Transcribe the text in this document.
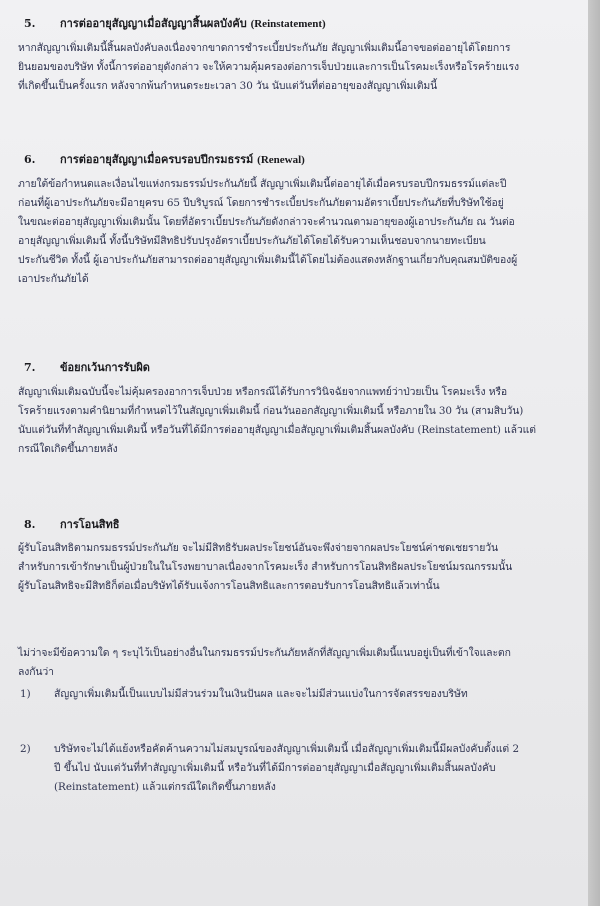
5.	การต่ออายุสัญญาเมื่อสัญญาสิ้นผลบังคับ
(Reinstatement)
หากสัญญาเพิ่มเติมนี้สิ้นผลบังคับลงเนื่องจากขาดการชำระเบี้ยประกันภัย สัญญาเพิ่มเติมนี้อาจขอต่ออายุได้โดยการ
ยินยอมของบริษัท ทั้งนี้การต่ออายุดังกล่าว จะให้ความคุ้มครองต่อการเจ็บป่วยและการเป็นโรคมะเร็งหรือโรคร้ายแรง
ที่เกิดขึ้นเป็นครั้งแรก หลังจากพ้นกำหนดระยะเวลา 30 วัน นับแต่วันที่ต่ออายุของสัญญาเพิ่มเติมนี้
6.	การต่ออายุสัญญาเมื่อครบรอบปีกรมธรรม์
(Renewal)
ภายใต้ข้อกำหนดและเงื่อนไขแห่งกรมธรรม์ประกันภัยนี้ สัญญาเพิ่มเติมนี้ต่ออายุได้เมื่อครบรอบปีกรมธรรม์แต่ละปี
ก่อนที่ผู้เอาประกันภัยจะมีอายุครบ 65 ปีบริบูรณ์ โดยการชำระเบี้ยประกันภัยตามอัตราเบี้ยประกันภัยที่บริษัทใช้อยู่
ในขณะต่ออายุสัญญาเพิ่มเติมนั้น โดยที่อัตราเบี้ยประกันภัยดังกล่าวจะคำนวณตามอายุของผู้เอาประกันภัย ณ วันต่อ
อายุสัญญาเพิ่มเติมนี้ ทั้งนี้บริษัทมีสิทธิปรับปรุงอัตราเบี้ยประกันภัยได้โดยได้รับความเห็นชอบจากนายทะเบียน
ประกันชีวิต ทั้งนี้ ผู้เอาประกันภัยสามารถต่ออายุสัญญาเพิ่มเติมนี้ได้โดยไม่ต้องแสดงหลักฐานเกี่ยวกับคุณสมบัติของผู้
เอาประกันภัยได้
7.	ข้อยกเว้นการรับผิด
สัญญาเพิ่มเติมฉบับนี้จะไม่คุ้มครองอาการเจ็บป่วย หรือกรณีได้รับการวินิจฉัยจากแพทย์ว่าป่วยเป็น โรคมะเร็ง หรือ
โรคร้ายแรงตามคำนิยามที่กำหนดไว้ในสัญญาเพิ่มเติมนี้ ก่อนวันออกสัญญาเพิ่มเติมนี้ หรือภายใน 30 วัน (สามสิบวัน)
นับแต่วันที่ทำสัญญาเพิ่มเติมนี้ หรือวันที่ได้มีการต่ออายุสัญญาเมื่อสัญญาเพิ่มเติมสิ้นผลบังคับ (Reinstatement) แล้วแต่
กรณีใดเกิดขึ้นภายหลัง
8.	การโอนสิทธิ
ผู้รับโอนสิทธิตามกรมธรรม์ประกันภัย จะไม่มีสิทธิรับผลประโยชน์อันจะพึงจ่ายจากผลประโยชน์ค่าชดเชยรายวัน
สำหรับการเข้ารักษาเป็นผู้ป่วยในในโรงพยาบาลเนื่องจากโรคมะเร็ง สำหรับการโอนสิทธิผลประโยชน์มรณกรรมนั้น
ผู้รับโอนสิทธิจะมีสิทธิก็ต่อเมื่อบริษัทได้รับแจ้งการโอนสิทธิและการตอบรับการโอนสิทธิแล้วเท่านั้น
ไม่ว่าจะมีข้อความใด ๆ ระบุไว้เป็นอย่างอื่นในกรมธรรม์ประกันภัยหลักที่สัญญาเพิ่มเติมนี้แนบอยู่เป็นที่เข้าใจและตก
ลงกันว่า
1)	สัญญาเพิ่มเติมนี้เป็นแบบไม่มีส่วนร่วมในเงินปันผล และจะไม่มีส่วนแบ่งในการจัดสรรของบริษัท
2)	บริษัทจะไม่ได้แย้งหรือคัดค้านความไม่สมบูรณ์ของสัญญาเพิ่มเติมนี้ เมื่อสัญญาเพิ่มเติมนี้มีผลบังคับตั้งแต่ 2
ปี ขึ้นไป นับแต่วันที่ทำสัญญาเพิ่มเติมนี้ หรือวันที่ได้มีการต่ออายุสัญญาเมื่อสัญญาเพิ่มเติมสิ้นผลบังคับ
(Reinstatement) แล้วแต่กรณีใดเกิดขึ้นภายหลัง
